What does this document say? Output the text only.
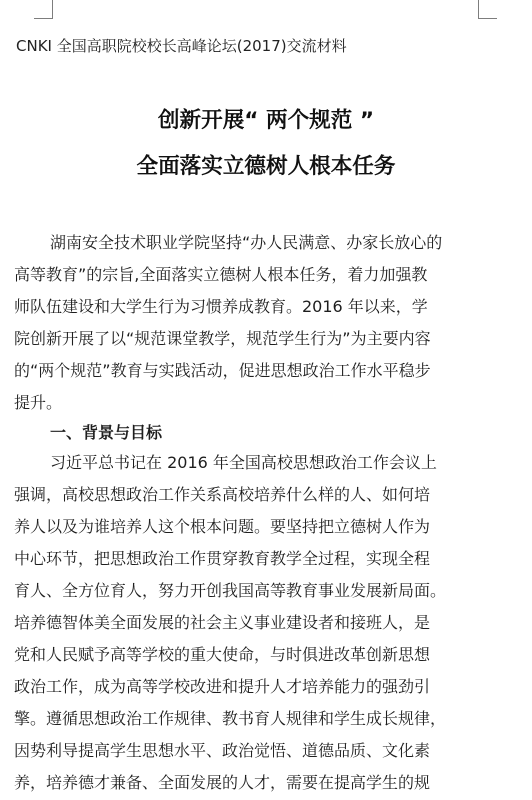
CNKI 全国高职院校校长高峰论坛(2017)交流材料
创新开展“ 两个规范 ”
全面落实立德树人根本任务
湖南安全技术职业学院坚持“办人民满意、办家长放心的
高等教育”的宗旨,全面落实立德树人根本任务，着力加强教
师队伍建设和大学生行为习惯养成教育。2016 年以来，学
院创新开展了以“规范课堂教学，规范学生行为”为主要内容
的“两个规范”教育与实践活动，促进思想政治工作水平稳步
提升。
一、背景与目标
习近平总书记在 2016 年全国高校思想政治工作会议上
强调，高校思想政治工作关系高校培养什么样的人、如何培
养人以及为谁培养人这个根本问题。要坚持把立德树人作为
中心环节，把思想政治工作贯穿教育教学全过程，实现全程
育人、全方位育人，努力开创我国高等教育事业发展新局面。
培养德智体美全面发展的社会主义事业建设者和接班人，是
党和人民赋予高等学校的重大使命，与时俱进改革创新思想
政治工作，成为高等学校改进和提升人才培养能力的强劲引
擎。遵循思想政治工作规律、教书育人规律和学生成长规律，
因势利导提高学生思想水平、政治觉悟、道德品质、文化素
养，培养德才兼备、全面发展的人才，需要在提高学生的规
